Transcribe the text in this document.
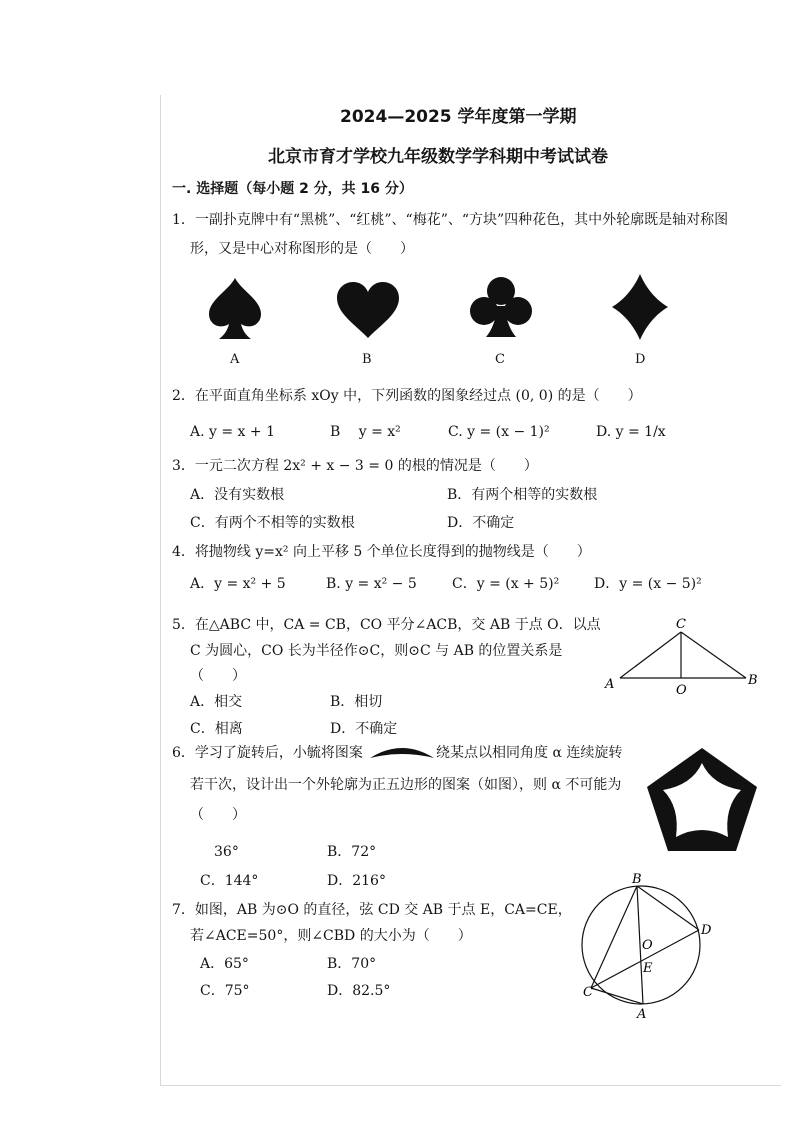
2024—2025 学年度第一学期
北京市育才学校九年级数学学科期中考试试卷
一. 选择题（每小题 2 分，共 16 分）
1．一副扑克牌中有“黑桃”、“红桃”、“梅花”、“方块”四种花色，其中外轮廓既是轴对称图
形，又是中心对称图形的是（　　）
A	B	C	D
2．在平面直角坐标系 xOy 中，下列函数的图象经过点 (0, 0) 的是（　　）
A. y = x + 1	B　 y = x²	C. y = (x − 1)²	D. y = 1/x
3．一元二次方程 2x² + x − 3 = 0 的根的情况是（　　）
A．没有实数根	B．有两个相等的实数根
C．有两个不相等的实数根	D．不确定
4．将抛物线 y=x² 向上平移 5 个单位长度得到的抛物线是（　　）
A．y = x² + 5	B. y = x² − 5	C．y = (x + 5)² D．y = (x − 5)²
5．在△ABC 中，CA = CB，CO 平分∠ACB，交 AB 于点 O．以点
C 为圆心，CO 长为半径作⊙C，则⊙C 与 AB 的位置关系是
（　　）
A．相交	B．相切
C．相离	D．不确定
C
A	O
B
6．学习了旋转后，小毓将图案	绕某点以相同角度 α 连续旋转
若干次，设计出一个外轮廓为正五边形的图案（如图），则 α 不可能为
（　　）
36°	B．72°
C．144°	D．216°
7．如图，AB 为⊙O 的直径，弦 CD 交 AB 于点 E，CA=CE，
若∠ACE=50°，则∠CBD 的大小为（　　）
A．65°	B．70°
C．75°	D．82.5°
B
D
O
E
C
A
